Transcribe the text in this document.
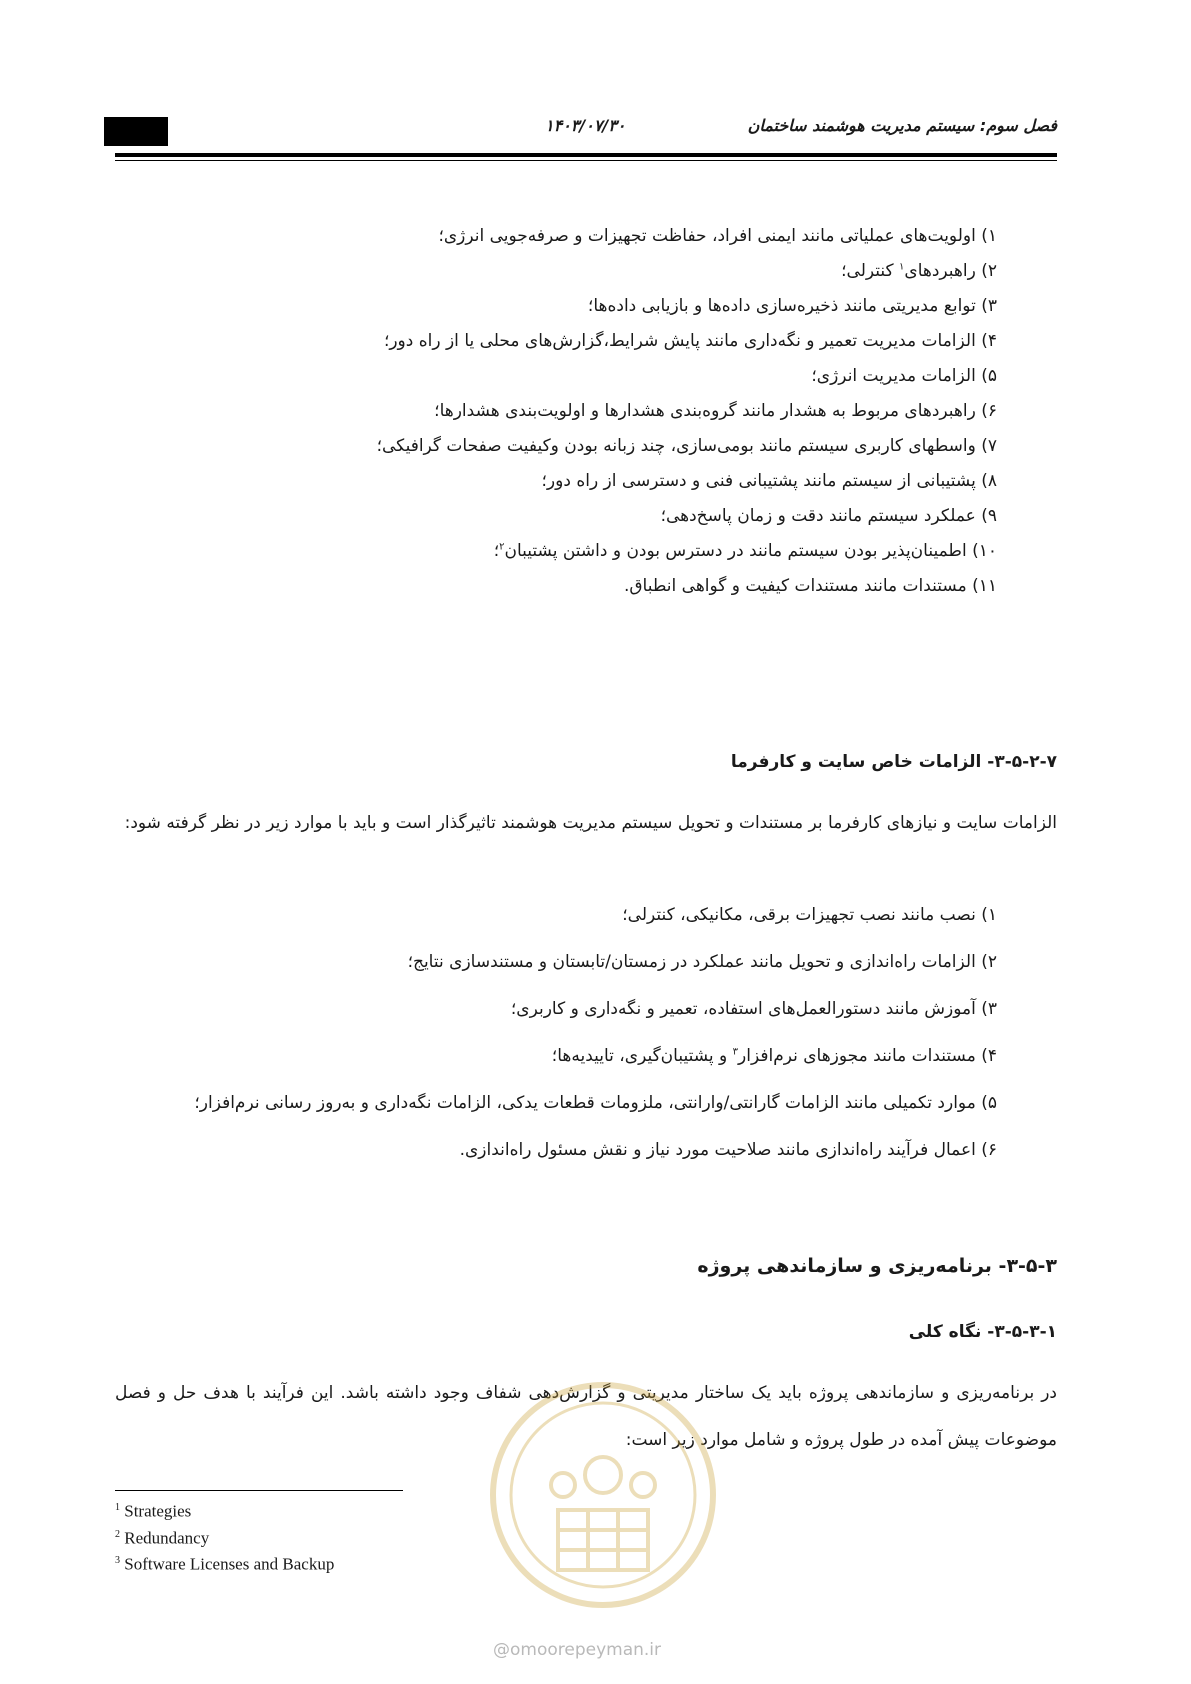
فصل سوم: سیستم مدیریت هوشمند ساختمان
۱۴۰۳/۰۷/۳۰
۱) اولویت‌های عملیاتی مانند ایمنی افراد، حفاظت تجهیزات و صرفه‌جویی انرژی؛
۲) راهبردهای$^۱$ کنترلی؛
۳) توابع مدیریتی مانند ذخیره‌سازی داده‌ها و بازیابی داده‌ها؛
۴) الزامات مدیریت تعمیر و نگه‌داری مانند پایش شرایط،گزارش‌های محلی یا از راه دور؛
۵) الزامات مدیریت انرژی؛
۶) راهبردهای مربوط به هشدار مانند گروه‌بندی هشدارها و اولویت‌بندی هشدارها؛
۷) واسطهای کاربری سیستم مانند بومی‌سازی، چند زبانه بودن وکیفیت صفحات گرافیکی؛
۸) پشتیبانی از سیستم مانند پشتیبانی فنی و دسترسی از راه دور؛
۹) عملکرد سیستم مانند دقت و زمان پاسخ‌دهی؛
۱۰) اطمینان‌پذیر بودن سیستم مانند در دسترس بودن و داشتن پشتیبان$^۲$؛
۱۱) مستندات مانند مستندات کیفیت و گواهی انطباق.
۳-۵-۲-۷- الزامات خاص سایت و کارفرما
الزامات سایت و نیازهای کارفرما بر مستندات و تحویل سیستم مدیریت هوشمند تاثیرگذار است و باید با موارد زیر در نظر گرفته شود:
۱) نصب مانند نصب تجهیزات برقی، مکانیکی، کنترلی؛
۲) الزامات راه‌اندازی و تحویل مانند عملکرد در زمستان/تابستان و مستندسازی نتایج؛
۳) آموزش مانند دستورالعمل‌های استفاده، تعمیر و نگه‌داری و کاربری؛
۴) مستندات مانند مجوزهای نرم‌افزار$^۳$ و پشتیبان‌گیری، تاییدیه‌ها؛
۵) موارد تکمیلی مانند الزامات گارانتی/وارانتی، ملزومات قطعات یدکی، الزامات نگه‌داری و به‌روز رسانی نرم‌افزار؛
۶) اعمال فرآیند راه‌اندازی مانند صلاحیت مورد نیاز و نقش مسئول راه‌اندازی.
۳-۵-۳- برنامه‌ریزی و سازماندهی پروژه
۳-۵-۳-۱- نگاه کلی
در برنامه‌ریزی و سازماندهی پروژه باید یک ساختار مدیریتی و گزارش‌دهی شفاف وجود داشته باشد. این فرآیند با هدف حل و فصل موضوعات پیش آمده در طول پروژه و شامل موارد زیر است:
$^1$ Strategies
$^2$ Redundancy
$^3$ Software Licenses and Backup
@omoorepeyman.ir
